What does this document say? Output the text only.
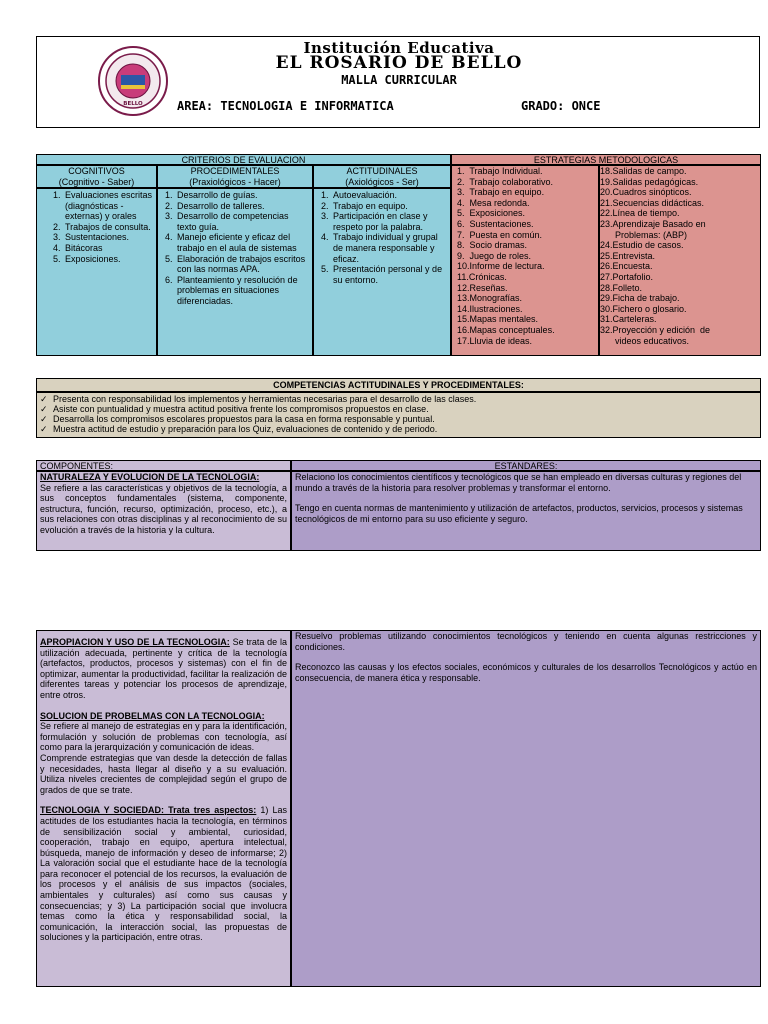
BELLO
Institución Educativa
EL ROSARIO DE BELLO
MALLA CURRICULAR
AREA: TECNOLOGIA E INFORMATICA	GRADO: ONCE
CRITERIOS DE EVALUACION
COGNITIVOS
(Cognitivo - Saber)
PROCEDIMENTALES
(Praxiológicos - Hacer)
ACTITUDINALES
(Axiológicos - Ser)
1. Evaluaciones escritas (diagnósticas - externas) y orales
2. Trabajos de consulta.
3. Sustentaciones.
4. Bitácoras
5. Exposiciones.
1. Desarrollo de guías.
2. Desarrollo de talleres.
3. Desarrollo de competencias texto guía.
4. Manejo eficiente y eficaz del trabajo en el aula de sistemas
5. Elaboración de trabajos escritos con las normas APA.
6. Planteamiento y resolución de problemas en situaciones diferenciadas.
1. Autoevaluación.
2. Trabajo en equipo.
3. Participación en clase y respeto por la palabra.
4. Trabajo individual y grupal de manera responsable y eficaz.
5. Presentación personal y de su entorno.
ESTRATEGIAS METODOLOGICAS
1.  Trabajo Individual.
2.  Trabajo colaborativo.
3.  Trabajo en equipo.
4.  Mesa redonda.
5.  Exposiciones.
6.  Sustentaciones.
7.  Puesta en común.
8.  Socio dramas.
9.  Juego de roles.
10.Informe de lectura.
11.Crónicas.
12.Reseñas.
13.Monografías.
14.Ilustraciones.
15.Mapas mentales.
16.Mapas conceptuales.
17.Lluvia de ideas.
18.Salidas de campo.
19.Salidas pedagógicas.
20.Cuadros sinópticos.
21.Secuencias didácticas.
22.Línea de tiempo.
23.Aprendizaje Basado en
Problemas: (ABP)
24.Estudio de casos.
25.Entrevista.
26.Encuesta.
27.Portafolio.
28.Folleto.
29.Ficha de trabajo.
30.Fichero o glosario.
31.Carteleras.
32.Proyección y edición  de
videos educativos.
COMPETENCIAS ACTITUDINALES Y PROCEDIMENTALES:
✓ Presenta con responsabilidad los implementos y herramientas necesarias para el desarrollo de las clases.
✓ Asiste con puntualidad y muestra actitud positiva frente los compromisos propuestos en clase.
✓ Desarrolla los compromisos escolares propuestos para la casa en forma responsable y puntual.
✓ Muestra actitud de estudio y preparación para los Quiz, evaluaciones de contenido y de periodo.
COMPONENTES:	ESTANDARES:
NATURALEZA Y EVOLUCION DE LA TECNOLOGIA:
Se refiere a las características y objetivos de la tecnología, a sus conceptos fundamentales (sistema, componente, estructura, función, recurso, optimización, proceso, etc.), a sus relaciones con otras disciplinas y al reconocimiento de su evolución a través de la historia y la cultura.
Relaciono los conocimientos científicos y tecnológicos que se han empleado en diversas culturas y regiones del mundo a través de la historia para resolver problemas y transformar el entorno.
Tengo en cuenta normas de mantenimiento y utilización de artefactos, productos, servicios, procesos y sistemas tecnológicos de mi entorno para su uso eficiente y seguro.
APROPIACION Y USO DE LA TECNOLOGIA: Se trata de la utilización adecuada, pertinente y crítica de la tecnología (artefactos, productos, procesos y sistemas) con el fin de optimizar, aumentar la productividad, facilitar la realización de diferentes tareas y potenciar los procesos de aprendizaje, entre otros.
SOLUCION DE PROBELMAS CON LA TECNOLOGIA:
Se refiere al manejo de estrategias en y para la identificación, formulación y solución de problemas con tecnología, así como para la jerarquización y comunicación de ideas.
Comprende estrategias que van desde la detección de fallas y necesidades, hasta llegar al diseño y a su evaluación. Utiliza niveles crecientes de complejidad según el grupo de grados de que se trate.
TECNOLOGIA Y SOCIEDAD: Trata tres aspectos: 1) Las actitudes de los estudiantes hacia la tecnología, en términos de sensibilización social y ambiental, curiosidad, cooperación, trabajo en equipo, apertura intelectual, búsqueda, manejo de información y deseo de informarse; 2) La valoración social que el estudiante hace de la tecnología para reconocer el potencial de los recursos, la evaluación de los procesos y el análisis de sus impactos (sociales, ambientales y culturales) así como sus causas y consecuencias; y 3) La participación social que involucra temas como la ética y responsabilidad social, la comunicación, la interacción social, las propuestas de soluciones y la participación, entre otras.
Resuelvo problemas utilizando conocimientos tecnológicos y teniendo en cuenta algunas restricciones y condiciones.
Reconozco las causas y los efectos sociales, económicos y culturales de los desarrollos Tecnológicos y actúo en consecuencia, de manera ética y responsable.
